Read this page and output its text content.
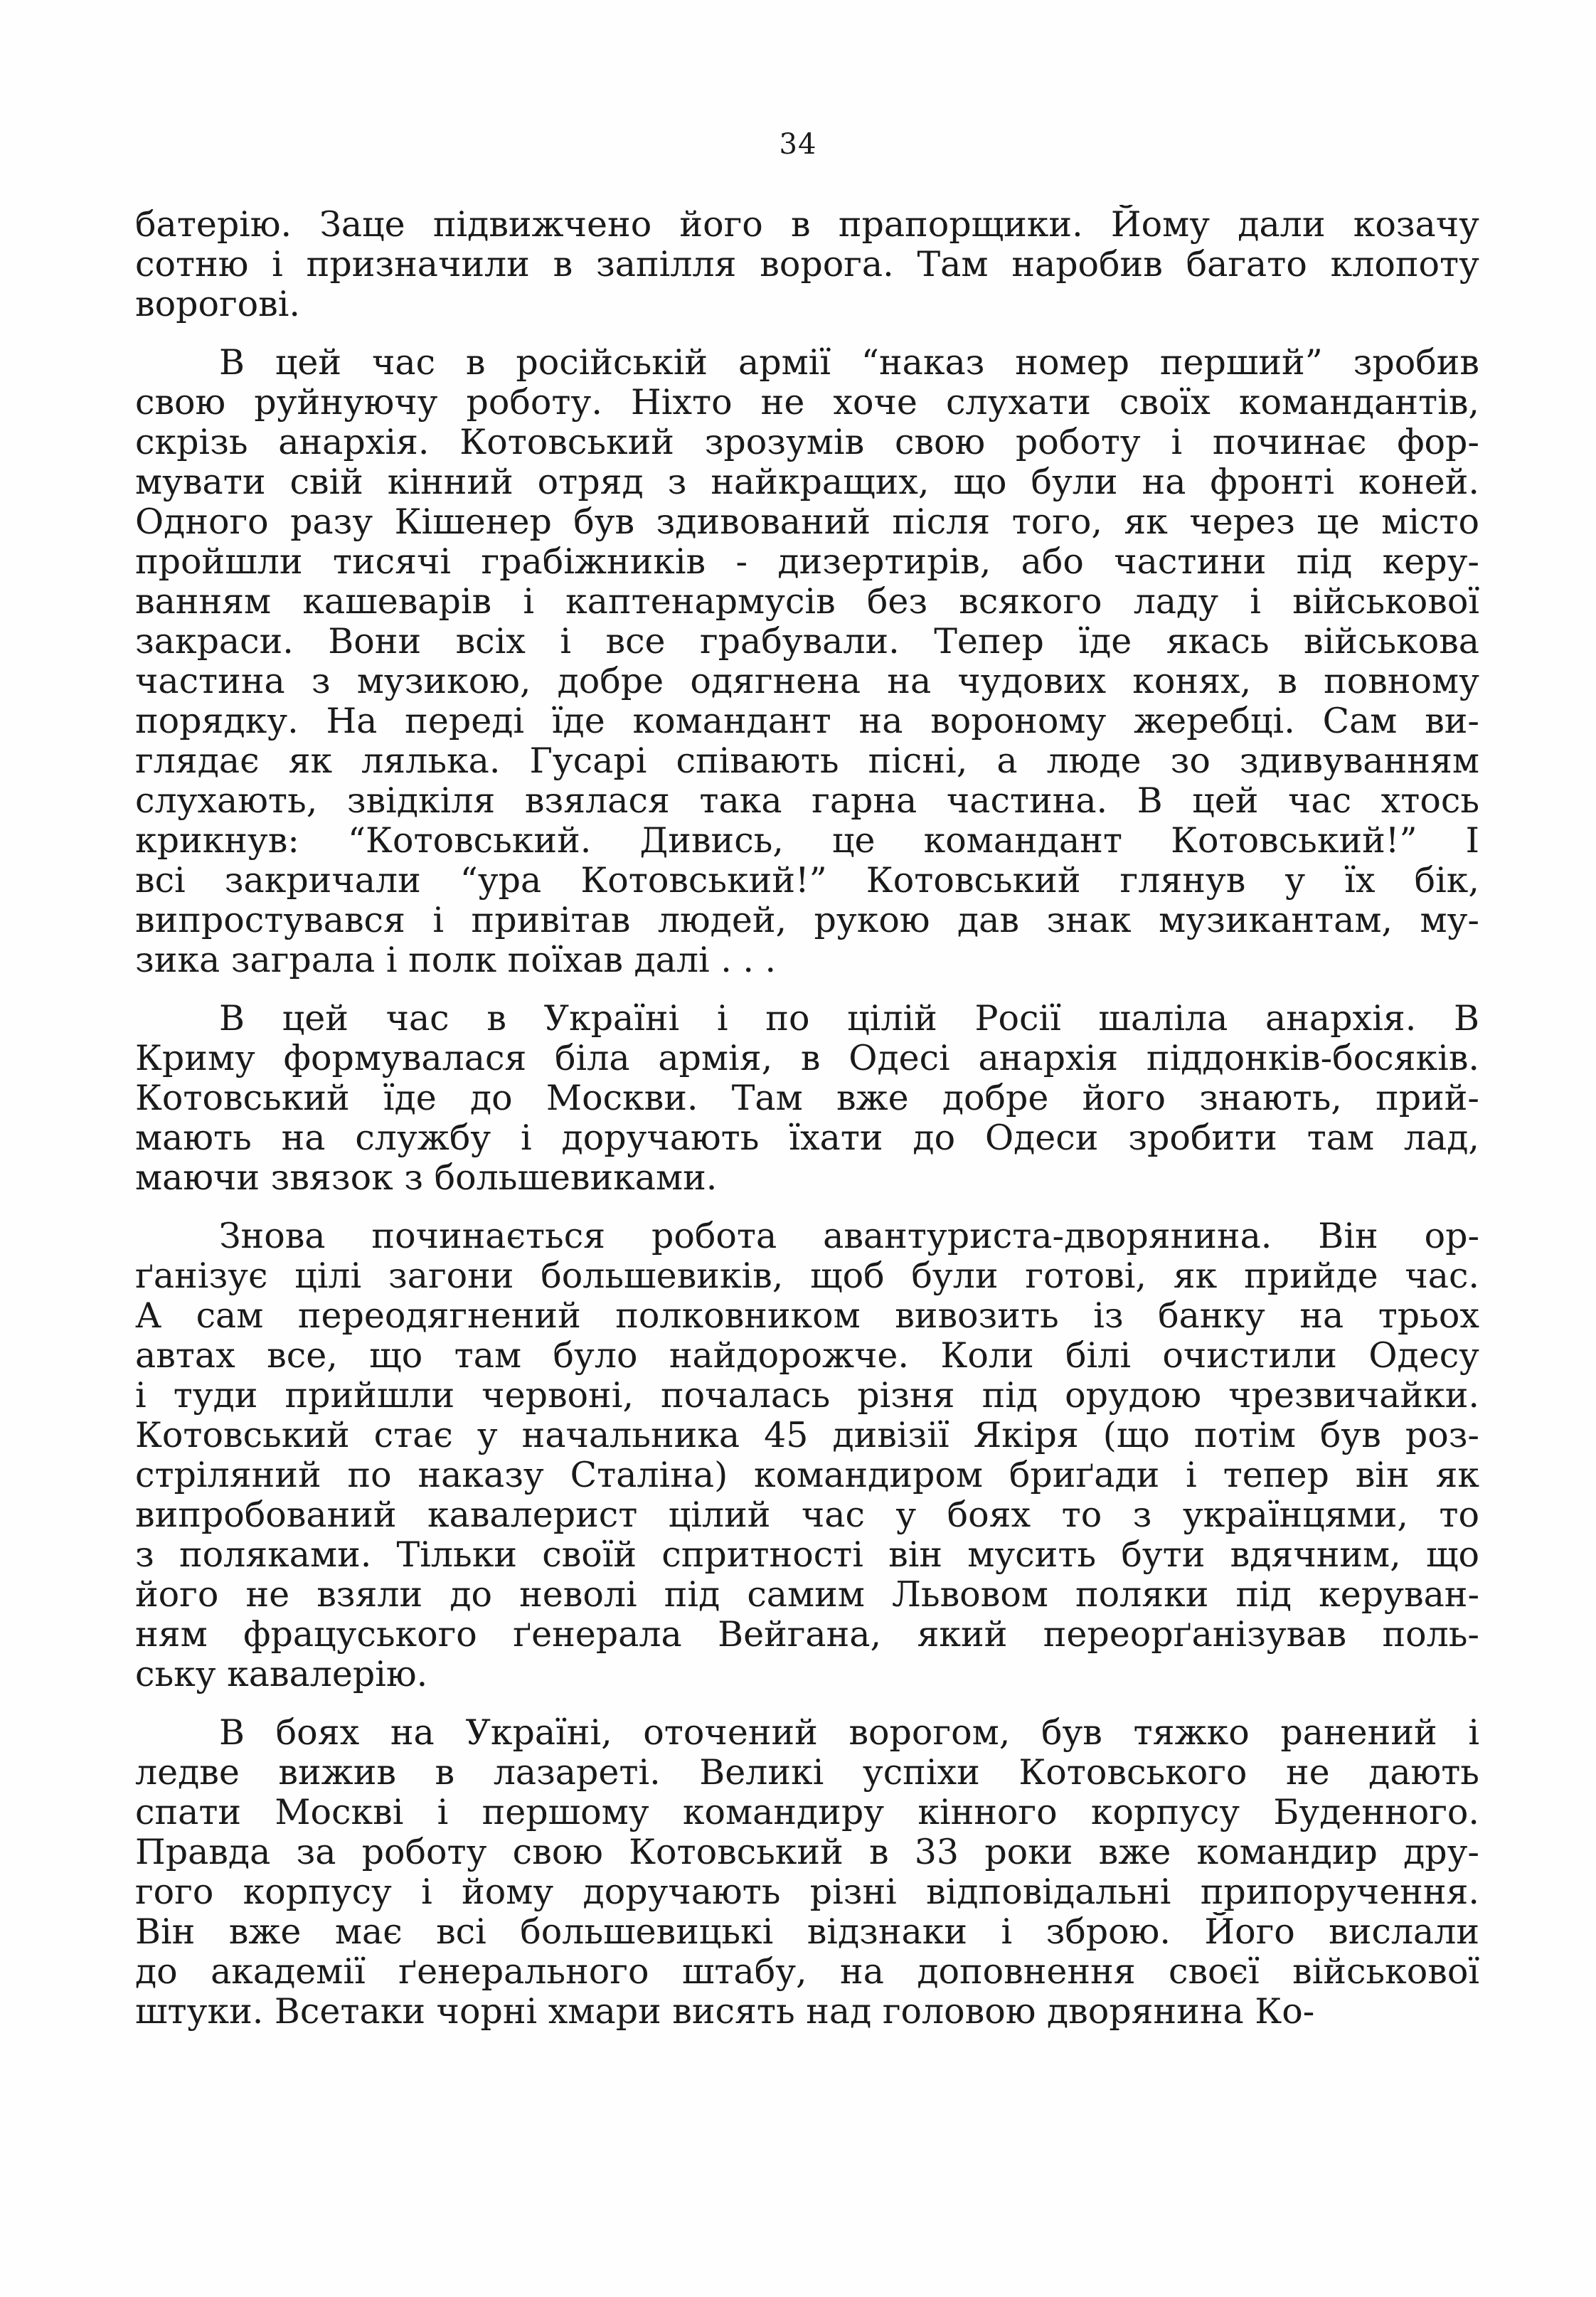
34
батерію. Заце підвижчено його в прапорщики. Йому дали козачу
сотню і призначили в запілля ворога. Там наробив багато клопоту
ворогові.
В цей час в російській армії “наказ номер перший” зробив
свою руйнуючу роботу. Ніхто не хоче слухати своїх командантів,
скрізь анархія. Котовський зрозумів свою роботу і починає фор-
мувати свій кінний отряд з найкращих, що були на фронті коней.
Одного разу Кішенер був здивований після того, як через це місто
пройшли тисячі грабіжників - дизертирів, або частини під керу-
ванням кашеварів і каптенармусів без всякого ладу і військової
закраси. Вони всіх і все грабували. Тепер їде якась військова
частина з музикою, добре одягнена на чудових конях, в повному
порядку. На переді їде командант на вороному жеребці. Сам ви-
глядає як лялька. Гусарі співають пісні, а люде зо здивуванням
слухають, звідкіля взялася така гарна частина. В цей час хтось
крикнув: “Котовський. Дивись, це командант Котовський!” І
всі закричали “ура Котовський!” Котовський глянув у їх бік,
випростувався і привітав людей, рукою дав знак музикантам, му-
зика заграла і полк поїхав далі . . .
В цей час в Україні і по цілій Росії шаліла анархія. В
Криму формувалася біла армія, в Одесі анархія піддонків-босяків.
Котовський їде до Москви. Там вже добре його знають, прий-
мають на службу і доручають їхати до Одеси зробити там лад,
маючи звязок з большевиками.
Знова починається робота авантуриста-дворянина. Він ор-
ґанізує цілі загони большевиків, щоб були готові, як прийде час.
А сам переодягнений полковником вивозить із банку на трьох
автах все, що там було найдорожче. Коли білі очистили Одесу
і туди прийшли червоні, почалась різня під орудою чрезвичайки.
Котовський стає у начальника 45 дивізії Якіря (що потім був роз-
стріляний по наказу Сталіна) командиром бриґади і тепер він як
випробований кавалерист цілий час у боях то з українцями, то
з поляками. Тільки своїй спритності він мусить бути вдячним, що
його не взяли до неволі під самим Львовом поляки під керуван-
ням фрацуського ґенерала Вейгана, який переорґанізував поль-
ську кавалерію.
В боях на Україні, оточений ворогом, був тяжко ранений і
ледве вижив в лазареті. Великі успіхи Котовського не дають
спати Москві і першому командиру кінного корпусу Буденного.
Правда за роботу свою Котовський в 33 роки вже командир дру-
гого корпусу і йому доручають різні відповідальні припоручення.
Він вже має всі большевицькі відзнаки і зброю. Його вислали
до академії ґенерального штабу, на доповнення своєї військової
штуки. Всетаки чорні хмари висять над головою дворянина Ко-
